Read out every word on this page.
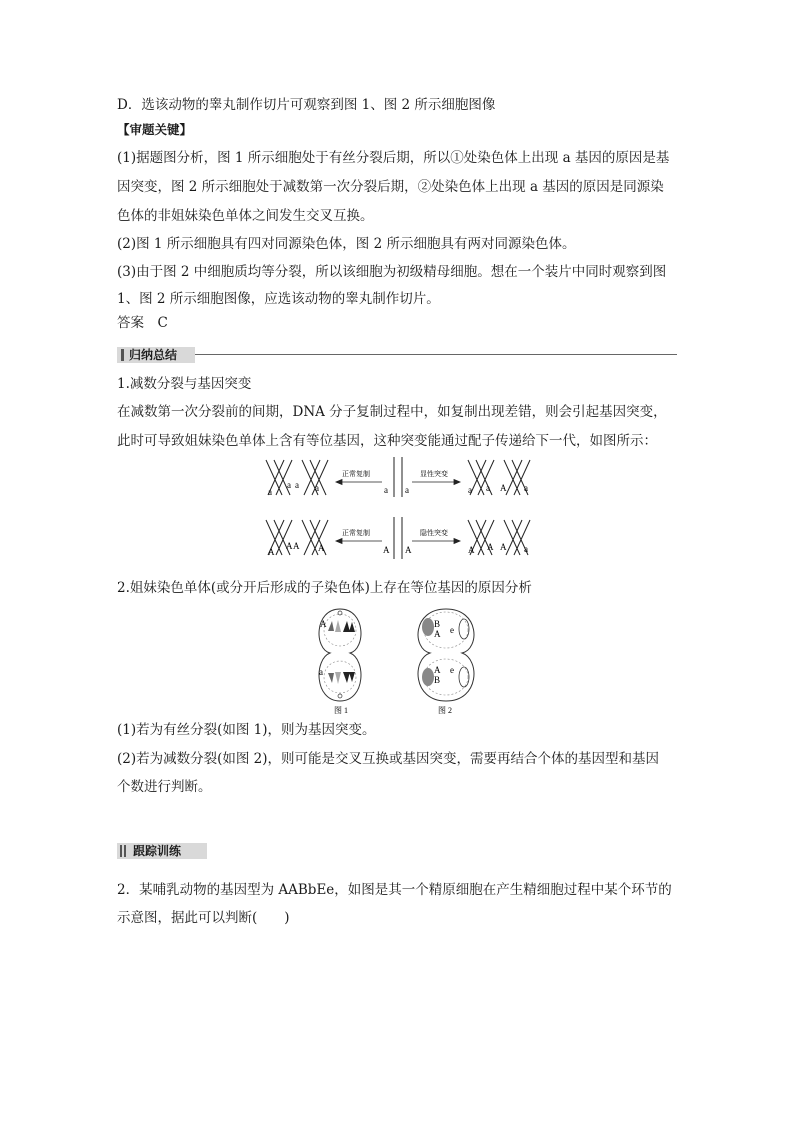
D．选该动物的睾丸制作切片可观察到图 1、图 2 所示细胞图像
【审题关键】
(1)据题图分析，图 1 所示细胞处于有丝分裂后期，所以①处染色体上出现 a 基因的原因是基
因突变，图 2 所示细胞处于减数第一次分裂后期，②处染色体上出现 a 基因的原因是同源染
色体的非姐妹染色单体之间发生交叉互换。
(2)图 1 所示细胞具有四对同源染色体，图 2 所示细胞具有两对同源染色体。
(3)由于图 2 中细胞质均等分裂，所以该细胞为初级精母细胞。想在一个装片中同时观察到图
1、图 2 所示细胞图像，应选该动物的睾丸制作切片。
答案　C
归纳总结
1.减数分裂与基因突变
在减数第一次分裂前的间期，DNA 分子复制过程中，如复制出现差错，则会引起基因突变，
此时可导致姐妹染色单体上含有等位基因，这种突变能通过配子传递给下一代，如图所示：
a
a a a
正常复制
a a
显性突变
a a A a
A
A A A
正常复制
A A
隐性突变
A A A a
2.姐妹染色单体(或分开后形成的子染色体)上存在等位基因的原因分析
A
a
图 1
B
A e
A
B
e
图 2
(1)若为有丝分裂(如图 1)，则为基因突变。
(2)若为减数分裂(如图 2)，则可能是交叉互换或基因突变，需要再结合个体的基因型和基因
个数进行判断。
跟踪训练
2．某哺乳动物的基因型为 AABbEe，如图是其一个精原细胞在产生精细胞过程中某个环节的
示意图，据此可以判断(　　)
